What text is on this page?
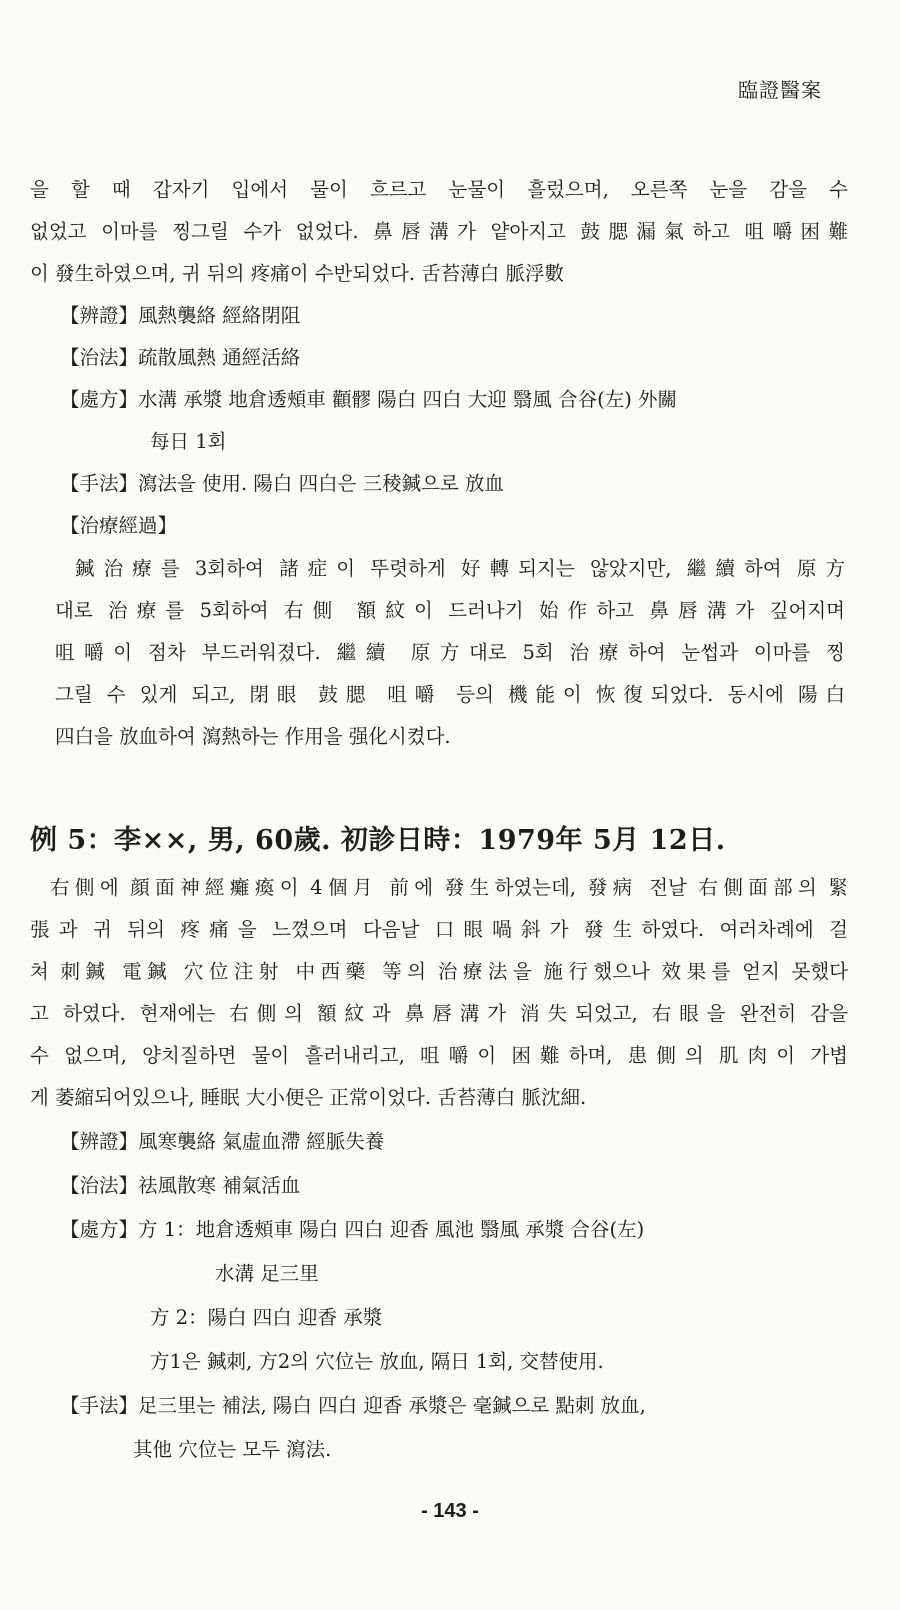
臨證醫案
을 할 때 갑자기 입에서 물이 흐르고 눈물이 흘렀으며, 오른쪽 눈을 감을 수
없었고 이마를 찡그릴 수가 없었다. 鼻唇溝가 얕아지고 鼓腮漏氣하고 咀嚼困難
이 發生하였으며, 귀 뒤의 疼痛이 수반되었다. 舌苔薄白 脈浮數
【辨證】風熱襲絡 經絡閉阻
【治法】疏散風熱 通經活絡
【處方】水溝 承漿 地倉透頰車 顴髎 陽白 四白 大迎 翳風 合谷(左) 外關
每日 1회
【手法】瀉法을 使用. 陽白 四白은 三稜鍼으로 放血
【治療經過】
鍼治療를 3회하여 諸症이 뚜렷하게 好轉되지는 않았지만, 繼續하여 原方
대로 治療를 5회하여 右側 額紋이 드러나기 始作하고 鼻唇溝가 깊어지며
咀嚼이 점차 부드러워졌다. 繼續 原方대로 5회 治療하여 눈썹과 이마를 찡
그릴 수 있게 되고, 閉眼 鼓腮 咀嚼 등의 機能이 恢復되었다. 동시에 陽白
四白을 放血하여 瀉熱하는 作用을 强化시켰다.
例 5：李××, 男, 60歲. 初診日時：1979年 5月 12日.
右側에 顔面神經癱瘓이 4個月 前에 發生하였는데, 發病 전날 右側面部의 緊
張과 귀 뒤의 疼痛을 느꼈으며 다음날 口眼喎斜가 發生하였다. 여러차례에 걸
쳐 刺鍼 電鍼 穴位注射 中西藥 等의 治療法을 施行했으나 效果를 얻지 못했다
고 하였다. 현재에는 右側의 額紋과 鼻唇溝가 消失되었고, 右眼을 완전히 감을
수 없으며, 양치질하면 물이 흘러내리고, 咀嚼이 困難하며, 患側의 肌肉이 가볍
게 萎縮되어있으나, 睡眠 大小便은 正常이었다. 舌苔薄白 脈沈細.
【辨證】風寒襲絡 氣虛血滯 經脈失養
【治法】祛風散寒 補氣活血
【處方】方 1：地倉透頰車 陽白 四白 迎香 風池 翳風 承漿 合谷(左)
水溝 足三里
方 2：陽白 四白 迎香 承漿
方1은 鍼刺, 方2의 穴位는 放血, 隔日 1회, 交替使用.
【手法】足三里는 補法, 陽白 四白 迎香 承漿은 毫鍼으로 點刺 放血,
其他 穴位는 모두 瀉法.
- 143 -
